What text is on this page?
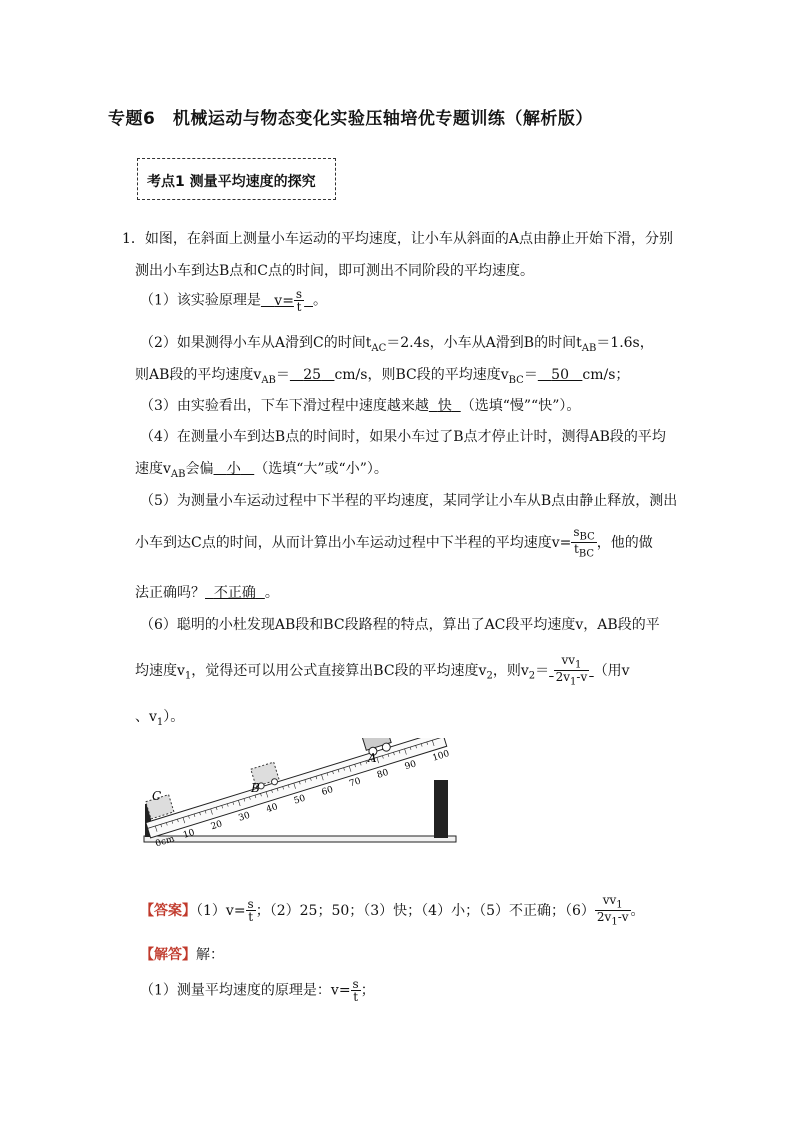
专题6　机械运动与物态变化实验压轴培优专题训练（解析版）
考点1 测量平均速度的探究
1．如图，在斜面上测量小车运动的平均速度，让小车从斜面的A点由静止开始下滑，分别
测出小车到达B点和C点的时间，即可测出不同阶段的平均速度。
（1）该实验原理是 $v= \frac{s}{t}$ 。
（2）如果测得小车从A滑到C的时间$t_{AC}=2.4s$，小车从A滑到B的时间$t_{AB}=1.6s$，
则AB段的平均速度$v_{AB}= 25$ cm/s，则BC段的平均速度$v_{BC}= 50$ cm/s；
（3）由实验看出，下车下滑过程中速度越来越 快 （选填“慢”“快”）。
（4）在测量小车到达B点的时间时，如果小车过了B点才停止计时，测得AB段的平均
速度$v_{AB}$会偏 小 （选填“大”或“小”）。
（5）为测量小车运动过程中下半程的平均速度，某同学让小车从B点由静止释放，测出
小车到达C点的时间，从而计算出小车运动过程中下半程的平均速度$v= \frac{s_{BC}}{t_{BC}}$ ，他的做
法正确吗？ 不正确 。
（6）聪明的小杜发现AB段和BC段路程的特点，算出了AC段平均速度v，AB段的平
均速度$v_1$，觉得还可以用公式直接算出BC段的平均速度$v_2$，则$v_2= \frac{vv_1}{2v_1-v}$ （用v
、$v_1$）。
0cm 10
20
30
40
50
60
70
80
90
100
C
B
A
【答案】$(1)v= \frac{s}{t}$ ；（2）25；50；（3）快；（4）小；（5）不正确；$(6) \frac{vv_1}{2v_1-v}$ 。
【解答】解：
（1）测量平均速度的原理是：$v= \frac{s}{t}$ ；
